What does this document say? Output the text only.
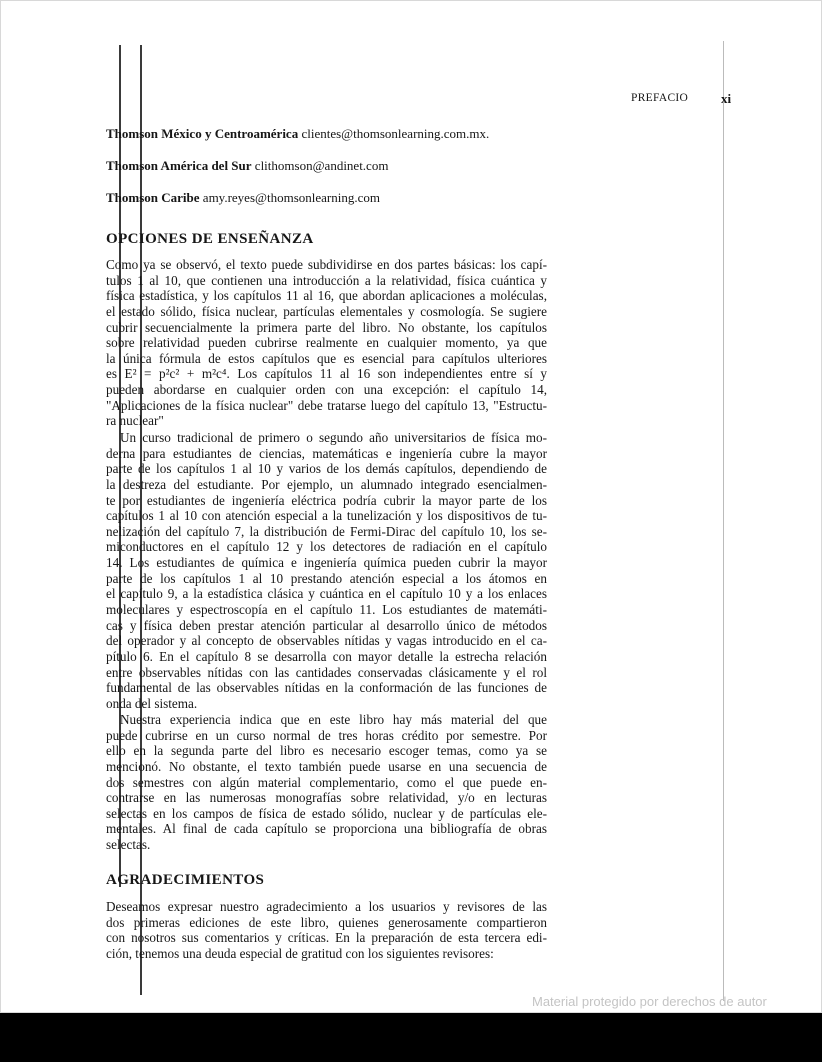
PREFACIO	xi
Thomson México y Centroamérica clientes@thomsonlearning.com.mx.
Thomson América del Sur clithomson@andinet.com
Thomson Caribe amy.reyes@thomsonlearning.com
OPCIONES DE ENSEÑANZA
Como ya se observó, el texto puede subdividirse en dos partes básicas: los capí-
tulos 1 al 10, que contienen una introducción a la relatividad, física cuántica y
física estadística, y los capítulos 11 al 16, que abordan aplicaciones a moléculas,
el estado sólido, física nuclear, partículas elementales y cosmología. Se sugiere
cubrir secuencialmente la primera parte del libro. No obstante, los capítulos
sobre relatividad pueden cubrirse realmente en cualquier momento, ya que
la única fórmula de estos capítulos que es esencial para capítulos ulteriores
es E² = p²c² + m²c⁴. Los capítulos 11 al 16 son independientes entre sí y
pueden abordarse en cualquier orden con una excepción: el capítulo 14,
"Aplicaciones de la física nuclear" debe tratarse luego del capítulo 13, "Estructu-
ra nuclear"
Un curso tradicional de primero o segundo año universitarios de física mo-
derna para estudiantes de ciencias, matemáticas e ingeniería cubre la mayor
parte de los capítulos 1 al 10 y varios de los demás capítulos, dependiendo de
la destreza del estudiante. Por ejemplo, un alumnado integrado esencialmen-
te por estudiantes de ingeniería eléctrica podría cubrir la mayor parte de los
capítulos 1 al 10 con atención especial a la tunelización y los dispositivos de tu-
nelización del capítulo 7, la distribución de Fermi-Dirac del capítulo 10, los se-
miconductores en el capítulo 12 y los detectores de radiación en el capítulo
14. Los estudiantes de química e ingeniería química pueden cubrir la mayor
parte de los capítulos 1 al 10 prestando atención especial a los átomos en
el capítulo 9, a la estadística clásica y cuántica en el capítulo 10 y a los enlaces
moleculares y espectroscopía en el capítulo 11. Los estudiantes de matemáti-
cas y física deben prestar atención particular al desarrollo único de métodos
del operador y al concepto de observables nítidas y vagas introducido en el ca-
pítulo 6. En el capítulo 8 se desarrolla con mayor detalle la estrecha relación
entre observables nítidas con las cantidades conservadas clásicamente y el rol
fundamental de las observables nítidas en la conformación de las funciones de
onda del sistema.
Nuestra experiencia indica que en este libro hay más material del que
puede cubrirse en un curso normal de tres horas crédito por semestre. Por
ello en la segunda parte del libro es necesario escoger temas, como ya se
mencionó. No obstante, el texto también puede usarse en una secuencia de
dos semestres con algún material complementario, como el que puede en-
contrarse en las numerosas monografías sobre relatividad, y/o en lecturas
selectas en los campos de física de estado sólido, nuclear y de partículas ele-
mentales. Al final de cada capítulo se proporciona una bibliografía de obras
selectas.
AGRADECIMIENTOS
Deseamos expresar nuestro agradecimiento a los usuarios y revisores de las
dos primeras ediciones de este libro, quienes generosamente compartieron
con nosotros sus comentarios y críticas. En la preparación de esta tercera edi-
ción, tenemos una deuda especial de gratitud con los siguientes revisores:
Material protegido por derechos de autor
